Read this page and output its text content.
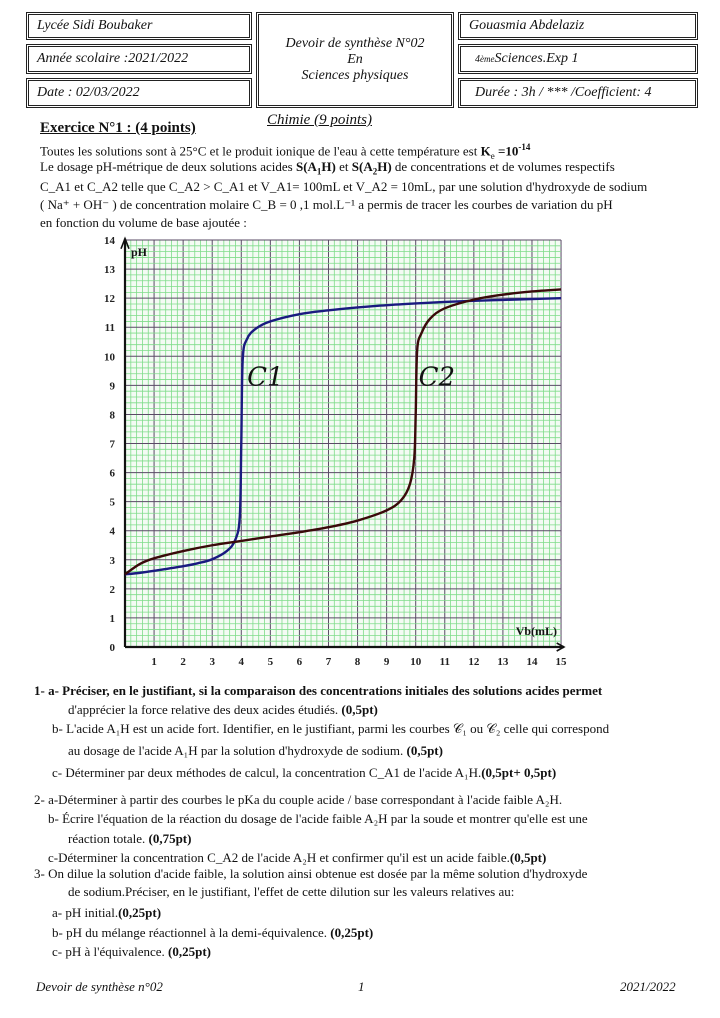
Lycée Sidi Boubaker
Année scolaire :2021/2022
Date : 02/03/2022
Devoir de synthèse N°02
En
Sciences physiques
Gouasmia Abdelaziz
4 ème Sciences.Exp 1
Durée : 3h / *** /Coefficient: 4
Chimie (9 points)
Exercice N°1 : (4 points)
Toutes les solutions sont à 25°C et le produit ionique de l'eau à cette température est $K_e =10^{-14}$
Le dosage pH-métrique de deux solutions acides $S(A_1H)$ et $S(A_2H)$ de concentrations et de volumes respectifs
C_A1 et C_A2 telle que C_A2 > C_A1 et V_A1= 100mL et V_A2 = 10mL, par une solution d'hydroxyde de sodium
( Na⁺ + OH⁻ ) de concentration molaire C_B = 0 ,1 mol.L⁻¹ a permis de tracer les courbes de variation du pH
en fonction du volume de base ajoutée :
0
1
2
3
4
5
6
7
8
9
10
11
12
13
14
1 2 3 4 5 6 7 8 9 10 11 12 13 14 15
pH
Vb(mL)
C1	C2
1- a- Préciser, en le justifiant, si la comparaison des concentrations initiales des solutions acides permet
d'apprécier la force relative des deux acides étudiés. (0,5pt)
b- L'acide A₁H est un acide fort. Identifier, en le justifiant, parmi les courbes 𝒞₁ ou 𝒞₂ celle qui correspond
au dosage de l'acide A₁H par la solution d'hydroxyde de sodium. (0,5pt)
c- Déterminer par deux méthodes de calcul, la concentration C_A1 de l'acide A₁H.(0,5pt+ 0,5pt)
2- a-Déterminer à partir des courbes le pKa du couple acide / base correspondant à l'acide faible A₂H.
b- Écrire l'équation de la réaction du dosage de l'acide faible A₂H par la soude et montrer qu'elle est une
réaction totale. (0,75pt)
c-Déterminer la concentration C_A2 de l'acide A₂H et confirmer qu'il est un acide faible.(0,5pt)
3- On dilue la solution d'acide faible, la solution ainsi obtenue est dosée par la même solution d'hydroxyde
de sodium.Préciser, en le justifiant, l'effet de cette dilution sur les valeurs relatives au:
a- pH initial.(0,25pt)
b- pH du mélange réactionnel à la demi-équivalence. (0,25pt)
c- pH à l'équivalence. (0,25pt)
Devoir de synthèse n°02	1	2021/2022
